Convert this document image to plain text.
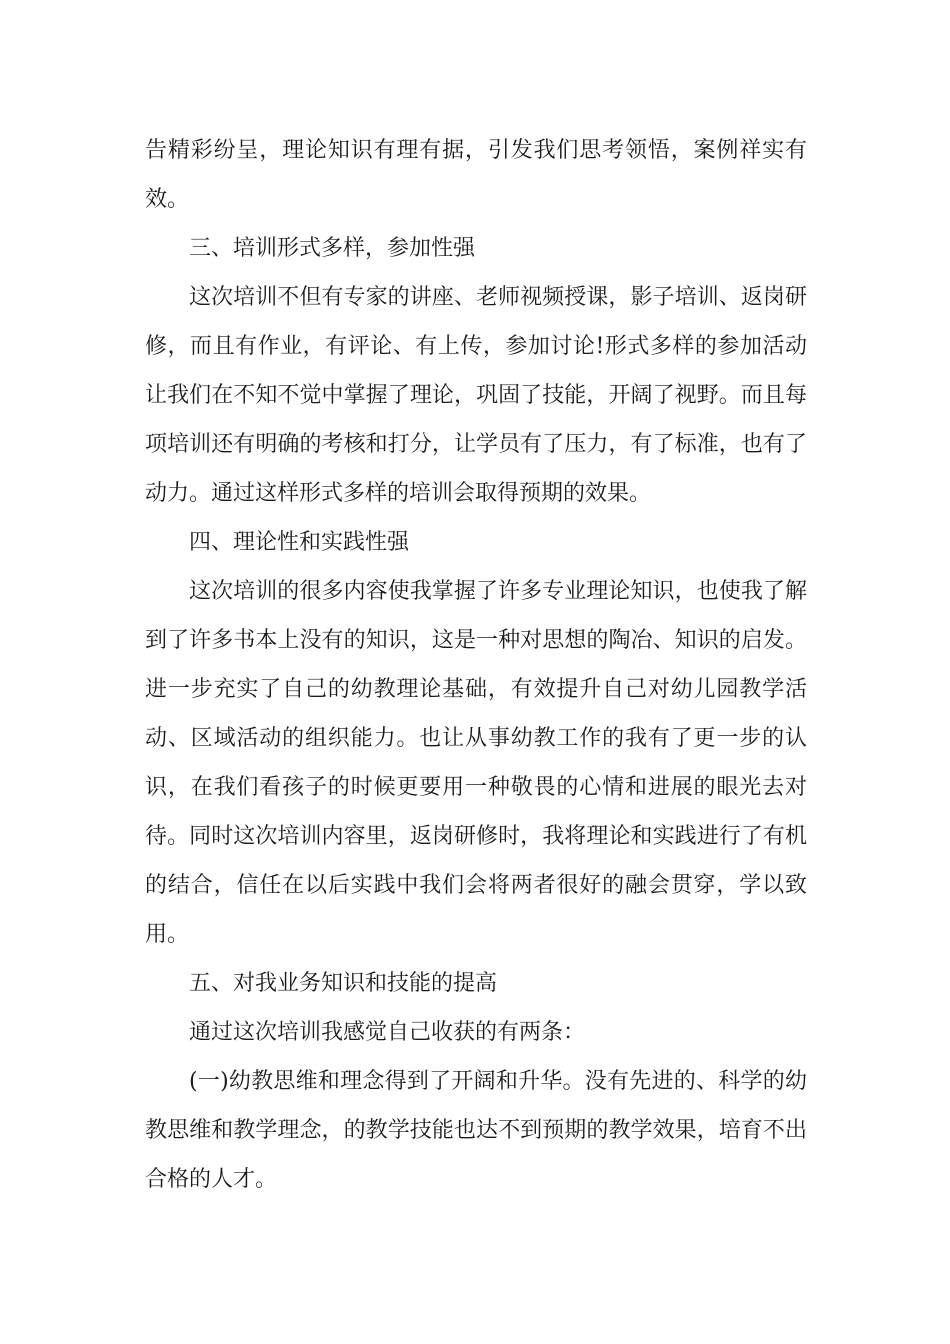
告精彩纷呈，理论知识有理有据，引发我们思考领悟，案例祥实有效。

三、培训形式多样，参加性强

这次培训不但有专家的讲座、老师视频授课，影子培训、返岗研修，而且有作业，有评论、有上传，参加讨论!形式多样的参加活动让我们在不知不觉中掌握了理论，巩固了技能，开阔了视野。而且每项培训还有明确的考核和打分，让学员有了压力，有了标准，也有了动力。通过这样形式多样的培训会取得预期的效果。

四、理论性和实践性强

这次培训的很多内容使我掌握了许多专业理论知识，也使我了解到了许多书本上没有的知识，这是一种对思想的陶冶、知识的启发。进一步充实了自己的幼教理论基础，有效提升自己对幼儿园教学活动、区域活动的组织能力。也让从事幼教工作的我有了更一步的认识，在我们看孩子的时候更要用一种敬畏的心情和进展的眼光去对待。同时这次培训内容里，返岗研修时，我将理论和实践进行了有机的结合，信任在以后实践中我们会将两者很好的融会贯穿，学以致用。

五、对我业务知识和技能的提高

通过这次培训我感觉自己收获的有两条：

(一)幼教思维和理念得到了开阔和升华。没有先进的、科学的幼教思维和教学理念，的教学技能也达不到预期的教学效果，培育不出合格的人才。
